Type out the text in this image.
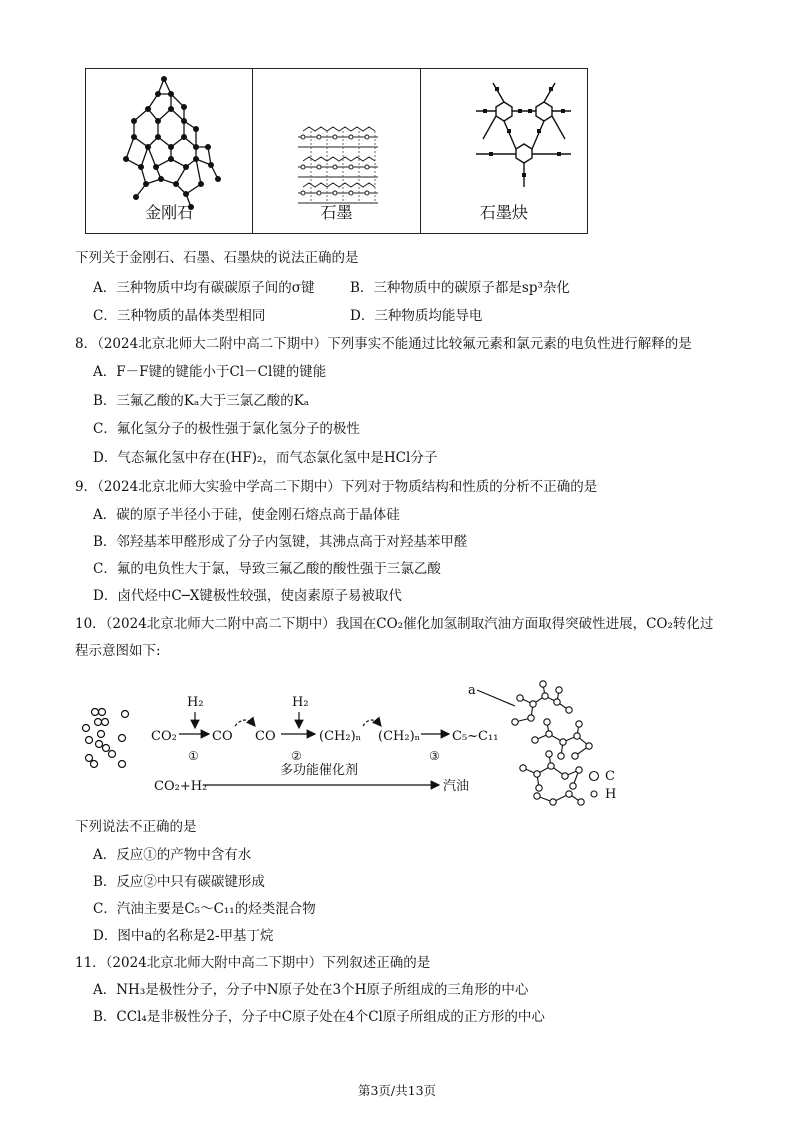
金刚石	石墨	石墨炔
下列关于金刚石、石墨、石墨炔的说法正确的是
A．三种物质中均有碳碳原子间的σ键	B．三种物质中的碳原子都是sp³杂化
C．三种物质的晶体类型相同	D．三种物质均能导电
8．（2024北京北师大二附中高二下期中）下列事实不能通过比较氟元素和氯元素的电负性进行解释的是
A．F－F键的键能小于Cl－Cl键的键能
B．三氟乙酸的Kₐ大于三氯乙酸的Kₐ
C．氟化氢分子的极性强于氯化氢分子的极性
D．气态氟化氢中存在(HF)₂，而气态氯化氢中是HCl分子
9．（2024北京北师大实验中学高二下期中）下列对于物质结构和性质的分析不正确的是
A．碳的原子半径小于硅，使金刚石熔点高于晶体硅
B．邻羟基苯甲醛形成了分子内氢键，其沸点高于对羟基苯甲醛
C．氟的电负性大于氯，导致三氟乙酸的酸性强于三氯乙酸
D．卤代烃中C─X键极性较强，使卤素原子易被取代
10．（2024北京北师大二附中高二下期中）我国在CO₂催化加氢制取汽油方面取得突破性进展，CO₂转化过
程示意图如下:
CO₂
H₂
①
CO CO
H₂
②
(CH₂)ₙ (CH₂)ₙ
③
C₅~C₁₁
CO₂+H₂
多功能催化剂
汽油
a
C
H
下列说法不正确的是
A．反应①的产物中含有水
B．反应②中只有碳碳键形成
C．汽油主要是C₅～C₁₁的烃类混合物
D．图中a的名称是2-甲基丁烷
11．（2024北京北师大附中高二下期中）下列叙述正确的是
A．NH₃是极性分子，分子中N原子处在3个H原子所组成的三角形的中心
B．CCl₄是非极性分子，分子中C原子处在4个Cl原子所组成的正方形的中心
第3页/共13页
